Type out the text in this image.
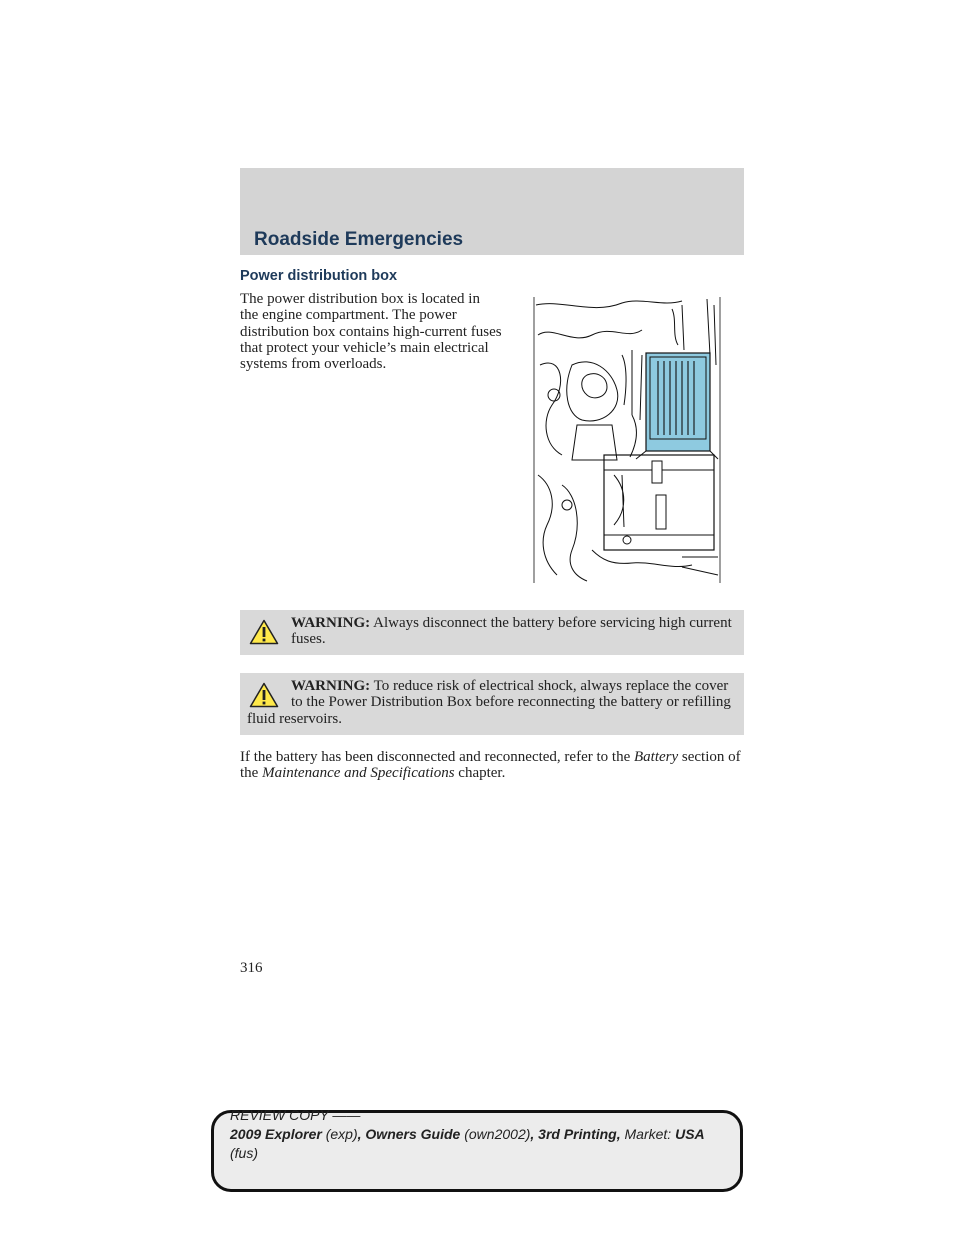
Roadside Emergencies
Power distribution box

The power distribution box is located in the engine compartment. The power distribution box contains high-current fuses that protect your vehicle’s main electrical systems from overloads.

WARNING: Always disconnect the battery before servicing high current fuses.
WARNING: To reduce risk of electrical shock, always replace the cover to the Power Distribution Box before reconnecting the battery or refilling fluid reservoirs.

If the battery has been disconnected and reconnected, refer to the Battery section of the Maintenance and Specifications chapter.

316

REVIEW COPY ——
2009 Explorer (exp), Owners Guide (own2002), 3rd Printing, Market: USA
(fus)
